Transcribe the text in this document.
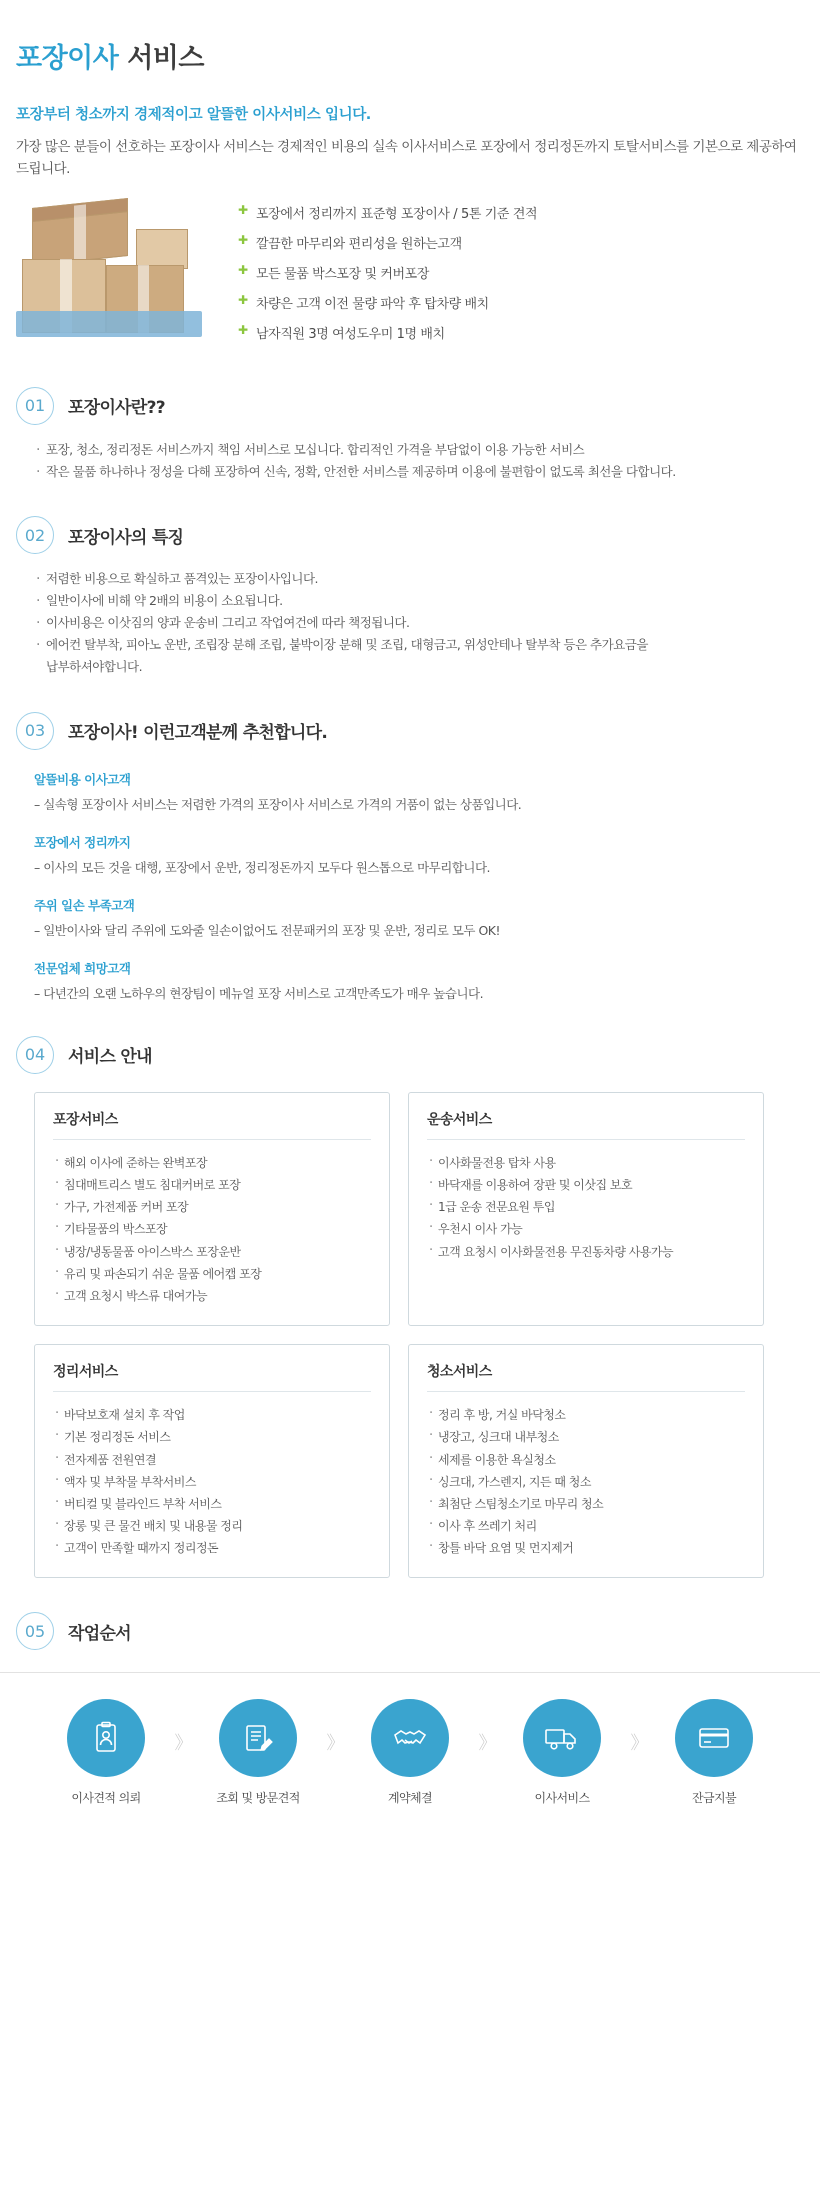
포장이사 서비스
포장부터 청소까지 경제적이고 알뜰한 이사서비스 입니다.
가장 많은 분들이 선호하는 포장이사 서비스는 경제적인 비용의 실속 이사서비스로 포장에서 정리정돈까지 토탈서비스를 기본으로 제공하여 드립니다.
✚ 포장에서 정리까지 표준형 포장이사 / 5톤 기준 견적
✚ 깔끔한 마무리와 편리성을 원하는고객
✚ 모든 물품 박스포장 및 커버포장
✚ 차량은 고객 이전 물량 파악 후 탑차량 배치
✚ 남자직원 3명 여성도우미 1명 배치
01	포장이사란??
· 포장, 청소, 정리정돈 서비스까지 책임 서비스로 모십니다. 합리적인 가격을 부담없이 이용 가능한 서비스
· 작은 물품 하나하나 정성을 다해 포장하여 신속, 정확, 안전한 서비스를 제공하며 이용에 불편함이 없도록 최선을 다합니다.
02	포장이사의 특징
· 저렴한 비용으로 확실하고 품격있는 포장이사입니다.
· 일반이사에 비해 약 2배의 비용이 소요됩니다.
· 이사비용은 이삿짐의 양과 운송비 그리고 작업여건에 따라 책정됩니다.
· 에어컨 탈부착, 피아노 운반, 조립장 분해 조립, 붙박이장 분해 및 조립, 대형금고, 위성안테나 탈부착 등은 추가요금을
납부하셔야합니다.
03	포장이사! 이런고객분께 추천합니다.
알뜰비용 이사고객
– 실속형 포장이사 서비스는 저렴한 가격의 포장이사 서비스로 가격의 거품이 없는 상품입니다.
포장에서 정리까지
– 이사의 모든 것을 대행, 포장에서 운반, 정리정돈까지 모두다 원스톱으로 마무리합니다.
주위 일손 부족고객
– 일반이사와 달리 주위에 도와줄 일손이없어도 전문패커의 포장 및 운반, 정리로 모두 OK!
전문업체 희망고객
– 다년간의 오랜 노하우의 현장팀이 메뉴얼 포장 서비스로 고객만족도가 매우 높습니다.
04	서비스 안내
포장서비스
· 해외 이사에 준하는 완벽포장
· 침대매트리스 별도 침대커버로 포장
· 가구, 가전제품 커버 포장
· 기타물품의 박스포장
· 냉장/냉동물품 아이스박스 포장운반
· 유리 및 파손되기 쉬운 물품 에어캡 포장
· 고객 요청시 박스류 대여가능
운송서비스
· 이사화물전용 탑차 사용
· 바닥재를 이용하여 장판 및 이삿집 보호
· 1급 운송 전문요원 투입
· 우천시 이사 가능
· 고객 요청시 이사화물전용 무진동차량 사용가능
정리서비스
· 바닥보호재 설치 후 작업
· 기본 정리정돈 서비스
· 전자제품 전원연결
· 액자 및 부착물 부착서비스
· 버티컬 및 블라인드 부착 서비스
· 장롱 및 큰 물건 배치 및 내용물 정리
· 고객이 만족할 때까지 정리정돈
청소서비스
· 정리 후 방, 거실 바닥청소
· 냉장고, 싱크대 내부청소
· 세제를 이용한 욕실청소
· 싱크대, 가스렌지, 지든 때 청소
· 최첨단 스팀청소기로 마무리 청소
· 이사 후 쓰레기 처리
· 창틀 바닥 요염 및 먼지제거
05	작업순서
이사견적 의뢰
》
조회 및 방문견적
》
계약체결
》
이사서비스
》
잔금지불
